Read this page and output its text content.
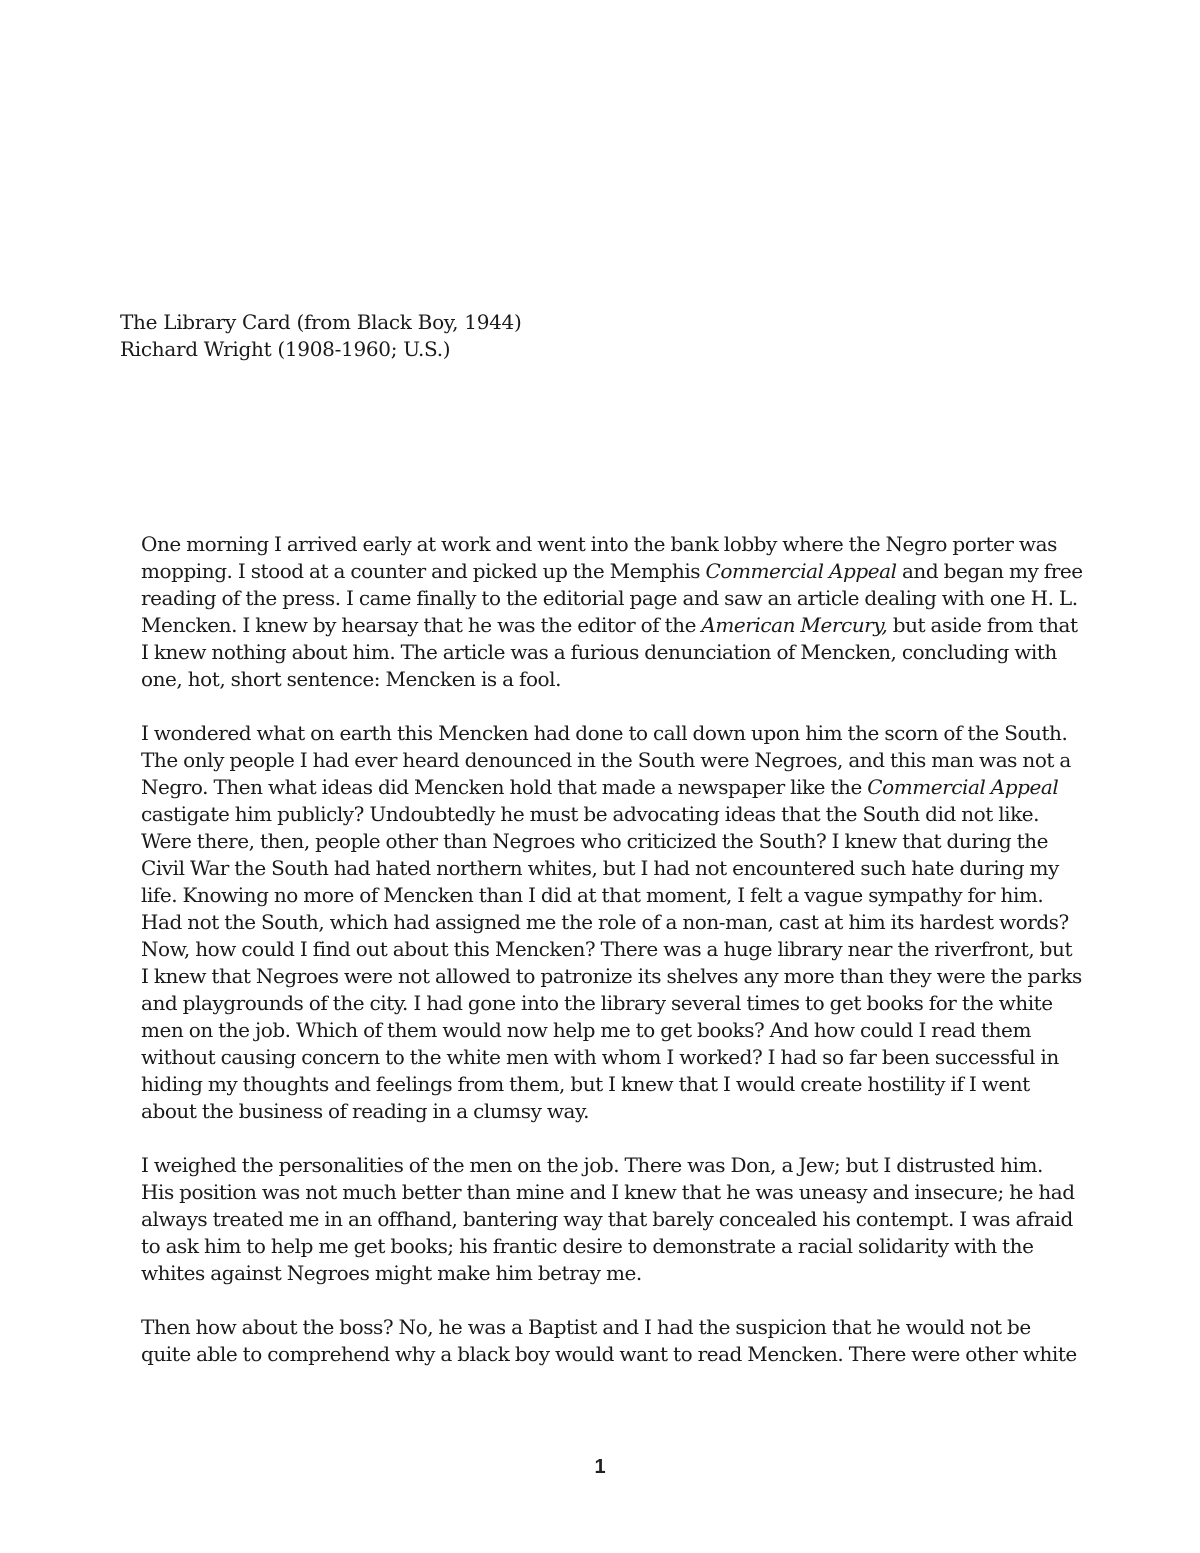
The Library Card (from Black Boy, 1944)
Richard Wright (1908-1960; U.S.)
One morning I arrived early at work and went into the bank lobby where the Negro porter was
mopping. I stood at a counter and picked up the Memphis Commercial Appeal and began my free
reading of the press. I came finally to the editorial page and saw an article dealing with one H. L.
Mencken. I knew by hearsay that he was the editor of the American Mercury, but aside from that
I knew nothing about him. The article was a furious denunciation of Mencken, concluding with
one, hot, short sentence: Mencken is a fool.
I wondered what on earth this Mencken had done to call down upon him the scorn of the South.
The only people I had ever heard denounced in the South were Negroes, and this man was not a
Negro. Then what ideas did Mencken hold that made a newspaper like the Commercial Appeal
castigate him publicly? Undoubtedly he must be advocating ideas that the South did not like.
Were there, then, people other than Negroes who criticized the South? I knew that during the
Civil War the South had hated northern whites, but I had not encountered such hate during my
life. Knowing no more of Mencken than I did at that moment, I felt a vague sympathy for him.
Had not the South, which had assigned me the role of a non-man, cast at him its hardest words?
Now, how could I find out about this Mencken? There was a huge library near the riverfront, but
I knew that Negroes were not allowed to patronize its shelves any more than they were the parks
and playgrounds of the city. I had gone into the library several times to get books for the white
men on the job. Which of them would now help me to get books? And how could I read them
without causing concern to the white men with whom I worked? I had so far been successful in
hiding my thoughts and feelings from them, but I knew that I would create hostility if I went
about the business of reading in a clumsy way.
I weighed the personalities of the men on the job. There was Don, a Jew; but I distrusted him.
His position was not much better than mine and I knew that he was uneasy and insecure; he had
always treated me in an offhand, bantering way that barely concealed his contempt. I was afraid
to ask him to help me get books; his frantic desire to demonstrate a racial solidarity with the
whites against Negroes might make him betray me.
Then how about the boss? No, he was a Baptist and I had the suspicion that he would not be
quite able to comprehend why a black boy would want to read Mencken. There were other white
1
